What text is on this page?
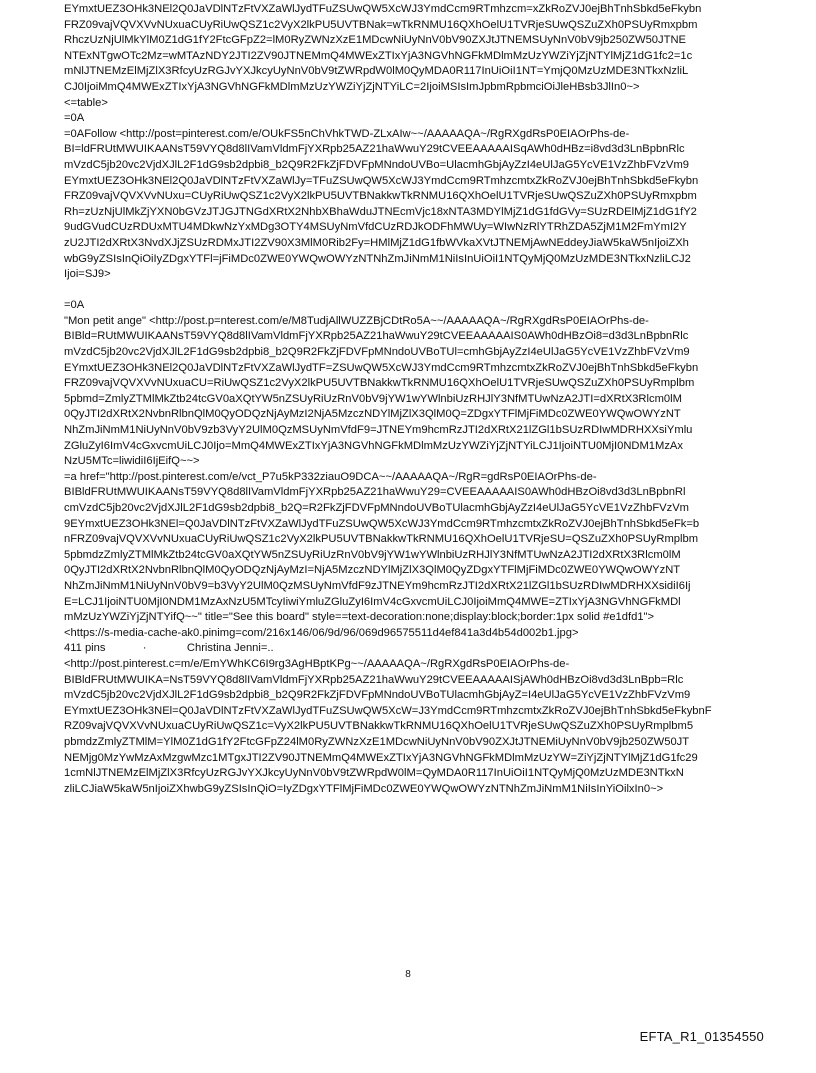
EYmxtUEZ3OHk3NEl2Q0JaVDlNTzFtVXZaWlJydTFuZSUwQW5XcWJ3YmdCcm9RTmhzcm=xZkRoZVJ0ejBhTnhSbkd5eFkybn
FRZ09vajVQVXVvNUxuaCUyRiUwQSZ1c2VyX2lkPU5UVTBNak=wTkRNMU16QXhOelU1TVRjeSUwQSZuZXh0PSUyRmxpbm
RhczUzNjUlMkYlM0Z1dG1fY2FtcGFpZ2=lM0RyZWNzXzE1MDcwNiUyNnV0bV90ZXJtJTNEMSUyNnV0bV9jb250ZW50JTNE
NTExNTgwOTc2Mz=wMTAzNDY2JTI2ZV90JTNEMmQ4MWExZTIxYjA3NGVhNGFkMDlmMzUzYWZiYjZjNTYlMjZ1dG1fc2=1c
mNlJTNEMzElMjZlX3RfcyUzRGJvYXJkcyUyNnV0bV9tZWRpdW0lM0QyMDA0R117InUiOiI1NT=YmjQ0MzUzMDE3NTkxNzliL
CJ0IjoiMmQ4MWExZTIxYjA3NGVhNGFkMDlmMzUzYWZiYjZjNTYiLC=2IjoiMSIsImJpbmRpbmciOiJleHBsb3JlIn0~>
<=table>
=0A
=0AFollow <http://post=pinterest.com/e/OUkFS5nChVhkTWD-ZLxAIw~~/AAAAAQA~/RgRXgdRsP0EIAOrPhs-de-
BI=ldFRUtMWUIKAANsT59VYQ8d8lIVamVldmFjYXRpb25AZ21haWwuY29tCVEEAAAAAISqAWh0dHBz=i8vd3d3LnBpbnRlc
mVzdC5jb20vc2VjdXJlL2F1dG9sb2dpbi8_b2Q9R2FkZjFDVFpMNndoUVBo=UlacmhGbjAyZzI4eUlJaG5YcVE1VzZhbFVzVm9
EYmxtUEZ3OHk3NEl2Q0JaVDlNTzFtVXZaWlJy=TFuZSUwQW5XcWJ3YmdCcm9RTmhzcmtxZkRoZVJ0ejBhTnhSbkd5eFkybn
FRZ09vajVQVXVvNUxu=CUyRiUwQSZ1c2VyX2lkPU5UVTBNakkwTkRNMU16QXhOelU1TVRjeSUwQSZuZXh0PSUyRmxpbm
Rh=zUzNjUlMkZjYXN0bGVzJTJGJTNGdXRtX2NhbXBhaWduJTNEcmVjc18xNTA3MDYlMjZ1dG1fdGVy=SUzRDElMjZ1dG1fY2
9udGVudCUzRDUxMTU4MDkwNzYxMDg3OTY4MSUyNmVfdCUzRDJkODFhMWUy=WIwNzRlYTRhZDA5ZjM1M2FmYmI2Y
zU2JTI2dXRtX3NvdXJjZSUzRDMxJTI2ZV90X3MlM0Rib2Fy=HMlMjZ1dG1fbWVkaXVtJTNEMjAwNEddeyJiaW5kaW5nIjoiZXh
wbG9yZSIsInQiOiIyZDgxYTFl=jFiMDc0ZWE0YWQwOWYzNTNhZmJiNmM1NiIsInUiOiI1NTQyMjQ0MzUzMDE3NTkxNzliLCJ2
Ijoi=SJ9>
=0A
"Mon petit ange" <http://post.p=nterest.com/e/M8TudjAllWUZZBjCDtRo5A~~/AAAAAQA~/RgRXgdRsP0EIAOrPhs-de-
BIBld=RUtMWUIKAANsT59VYQ8d8lIVamVldmFjYXRpb25AZ21haWwuY29tCVEEAAAAAIS0AWh0dHBzOi8=d3d3LnBpbnRlc
mVzdC5jb20vc2VjdXJlL2F1dG9sb2dpbi8_b2Q9R2FkZjFDVFpMNndoUVBoTUl=cmhGbjAyZzI4eUlJaG5YcVE1VzZhbFVzVm9
EYmxtUEZ3OHk3NEl2Q0JaVDlNTzFtVXZaWlJydTF=ZSUwQW5XcWJ3YmdCcm9RTmhzcmtxZkRoZVJ0ejBhTnhSbkd5eFkybn
FRZ09vajVQVXVvNUxuaCU=RiUwQSZ1c2VyX2lkPU5UVTBNakkwTkRNMU16QXhOelU1TVRjeSUwQSZuZXh0PSUyRmplbm
5pbmd=ZmlyZTMlMkZtb24tcGV0aXQtYW5nZSUyRiUzRnV0bV9jYW1wYWlnbiUzRHJlY3NfMTUwNzA2JTI=dXRtX3Rlcm0lM
0QyJTI2dXRtX2NvbnRlbnQlM0QyODQzNjAyMzI2NjA5MzczNDYlMjZlX3QlM0Q=ZDgxYTFlMjFiMDc0ZWE0YWQwOWYzNT
NhZmJiNmM1NiUyNnV0bV9zb3VyY2UlM0QzMSUyNmVfdF9=JTNEYm9hcmRzJTI2dXRtX21lZGl1bSUzRDIwMDRHXXsiYmlu
ZGluZyI6ImV4cGxvcmUiLCJ0Ijo=MmQ4MWExZTIxYjA3NGVhNGFkMDlmMzUzYWZiYjZjNTYiLCJ1IjoiNTU0MjI0NDM1MzAx
NzU5MTc=liwidiI6IjEifQ~~>
=a href="http://post.pinterest.com/e/vct_P7u5kP332ziauO9DCA~~/AAAAAQA~/RgR=gdRsP0EIAOrPhs-de-
BIBldFRUtMWUIKAANsT59VYQ8d8lIVamVldmFjYXRpb25AZ21haWwuY29=CVEEAAAAAIS0AWh0dHBzOi8vd3d3LnBpbnRl
cmVzdC5jb20vc2VjdXJlL2F1dG9sb2dpbi8_b2Q=R2FkZjFDVFpMNndoUVBoTUlacmhGbjAyZzI4eUlJaG5YcVE1VzZhbFVzVm
9EYmxtUEZ3OHk3NEl=Q0JaVDlNTzFtVXZaWlJydTFuZSUwQW5XcWJ3YmdCcm9RTmhzcmtxZkRoZVJ0ejBhTnhSbkd5eFk=b
nFRZ09vajVQVXVvNUxuaCUyRiUwQSZ1c2VyX2lkPU5UVTBNakkwTkRNMU16QXhOelU1TVRjeSU=QSZuZXh0PSUyRmplbm
5pbmdzZmlyZTMlMkZtb24tcGV0aXQtYW5nZSUyRiUzRnV0bV9jYW1wYWlnbiUzRHJlY3NfMTUwNzA2JTI2dXRtX3Rlcm0lM
0QyJTI2dXRtX2NvbnRlbnQlM0QyODQzNjAyMzI=NjA5MzczNDYlMjZlX3QlM0QyZDgxYTFlMjFiMDc0ZWE0YWQwOWYzNT
NhZmJiNmM1NiUyNnV0bV9=b3VyY2UlM0QzMSUyNmVfdF9zJTNEYm9hcmRzJTI2dXRtX21lZGl1bSUzRDIwMDRHXXsidiI6Ij
E=LCJ1IjoiNTU0MjI0NDM1MzAxNzU5MTcyIiwiYmluZGluZyI6ImV4cGxvcmUiLCJ0IjoiMmQ4MWE=ZTIxYjA3NGVhNGFkMDl
mMzUzYWZiYjZjNTYifQ~~" title="See this board" style==text-decoration:none;display:block;border:1px solid #e1dfd1">
<https://s-media-cache-ak0.pinimg=com/216x146/06/9d/96/069d96575511d4ef841a3d4b54d002b1.jpg>
411 pins            ·             Christina Jenni=..
<http://post.pinterest.c=m/e/EmYWhKC6I9rg3AgHBptKPg~~/AAAAAQA~/RgRXgdRsP0EIAOrPhs-de-
BIBldFRUtMWUIKA=NsT59VYQ8d8lIVamVldmFjYXRpb25AZ21haWwuY29tCVEEAAAAAISjAWh0dHBzOi8vd3d3LnBpb=Rlc
mVzdC5jb20vc2VjdXJlL2F1dG9sb2dpbi8_b2Q9R2FkZjFDVFpMNndoUVBoTUlacmhGbjAyZ=I4eUlJaG5YcVE1VzZhbFVzVm9
EYmxtUEZ3OHk3NEl=Q0JaVDlNTzFtVXZaWlJydTFuZSUwQW5XcW=J3YmdCcm9RTmhzcmtxZkRoZVJ0ejBhTnhSbkd5eFkybnF
RZ09vajVQVXVvNUxuaCUyRiUwQSZ1c=VyX2lkPU5UVTBNakkwTkRNMU16QXhOelU1TVRjeSUwQSZuZXh0PSUyRmplbm5
pbmdzZmlyZTMlM=YlM0Z1dG1fY2FtcGFpZ24lM0RyZWNzXzE1MDcwNiUyNnV0bV90ZXJtJTNEMiUyNnV0bV9jb250ZW50JT
NEMjg0MzYwMzAxMzgwMzc1MTgxJTI2ZV90JTNEMmQ4MWExZTIxYjA3NGVhNGFkMDlmMzUzYW=ZiYjZjNTYlMjZ1dG1fc29
1cmNlJTNEMzElMjZlX3RfcyUzRGJvYXJkcyUyNnV0bV9tZWRpdW0lM=QyMDA0R117InUiOiI1NTQyMjQ0MzUzMDE3NTkxN
zliLCJiaW5kaW5nIjoiZXhwbG9yZSIsInQiO=IyZDgxYTFlMjFiMDc0ZWE0YWQwOWYzNTNhZmJiNmM1NiIsInYiOilxIn0~>
8
EFTA_R1_01354550
